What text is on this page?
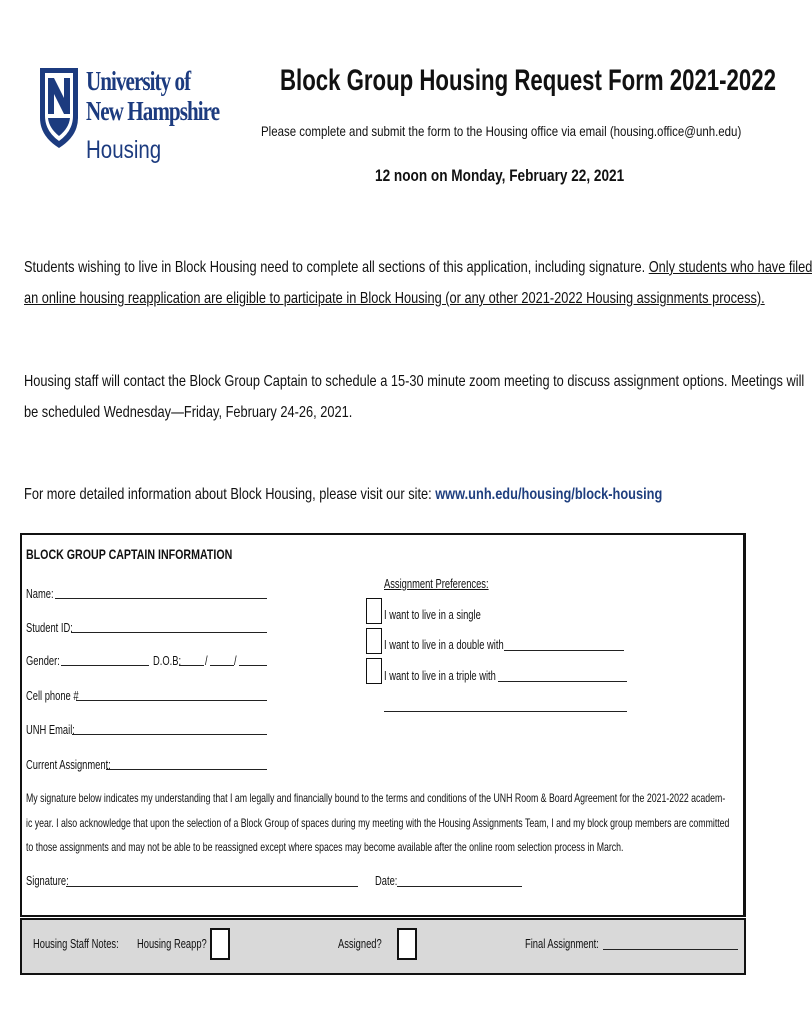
University of
New Hampshire
Housing
Block Group Housing Request Form 2021-2022
Please complete and submit the form to the Housing office via email (housing.office@unh.edu)
12 noon on Monday, February 22, 2021
Students wishing to live in Block Housing need to complete all sections of this application, including signature. Only students who have filed
an online housing reapplication are eligible to participate in Block Housing (or any other 2021-2022 Housing assignments process).
Housing staff will contact the Block Group Captain to schedule a 15-30 minute zoom meeting to discuss assignment options. Meetings will
be scheduled Wednesday—Friday, February 24-26, 2021.
For more detailed information about Block Housing, please visit our site: www.unh.edu/housing/block-housing
BLOCK GROUP CAPTAIN INFORMATION
Name:
Student ID:
Gender:	D.O.B: / /
Cell phone #
UNH Email:
Current Assignment:
Assignment Preferences:
I want to live in a single
I want to live in a double with
I want to live in a triple with
My signature below indicates my understanding that I am legally and financially bound to the terms and conditions of the UNH Room & Board Agreement for the 2021-2022 academ-
ic year. I also acknowledge that upon the selection of a Block Group of spaces during my meeting with the Housing Assignments Team, I and my block group members are committed
to those assignments and may not be able to be reassigned except where spaces may become available after the online room selection process in March.
Signature:	Date:
Housing Staff Notes: Housing Reapp?	Assigned?	Final Assignment:
